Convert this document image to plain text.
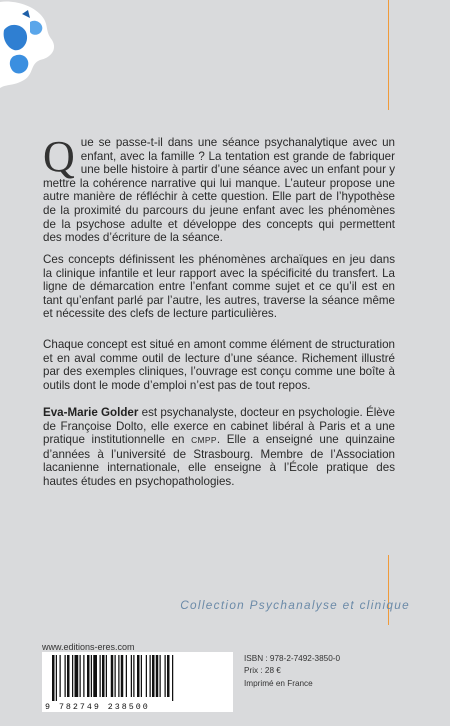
Que se passe-t-il dans une séance psychanalytique avec un enfant, avec la famille ? La tentation est grande de fabriquer une belle histoire à partir d’une séance avec un enfant pour y mettre la cohérence narrative qui lui manque. L’auteur propose une autre manière de réfléchir à cette question. Elle part de l’hypothèse de la proximité du parcours du jeune enfant avec les phénomènes de la psychose adulte et développe des concepts qui permettent des modes d’écriture de la séance.

Ces concepts définissent les phénomènes archaïques en jeu dans la clinique infantile et leur rapport avec la spécificité du transfert. La ligne de démarcation entre l’enfant comme sujet et ce qu’il est en tant qu’enfant parlé par l’autre, les autres, traverse la séance même et nécessite des clefs de lecture particulières.

Chaque concept est situé en amont comme élément de structuration et en aval comme outil de lecture d’une séance. Richement illustré par des exemples cliniques, l’ouvrage est conçu comme une boîte à outils dont le mode d’emploi n’est pas de tout repos.

Eva-Marie Golder est psychanalyste, docteur en psychologie. Élève de Françoise Dolto, elle exerce en cabinet libéral à Paris et a une pratique institutionnelle en CMPP. Elle a enseigné une quinzaine d’années à l’université de Strasbourg. Membre de l’Association lacanienne internationale, elle enseigne à l’École pratique des hautes études en psychopathologies.

Collection Psychanalyse et clinique
www.editions-eres.com
9 782749 238500
ISBN : 978-2-7492-3850-0
Prix : 28 €
Imprimé en France
